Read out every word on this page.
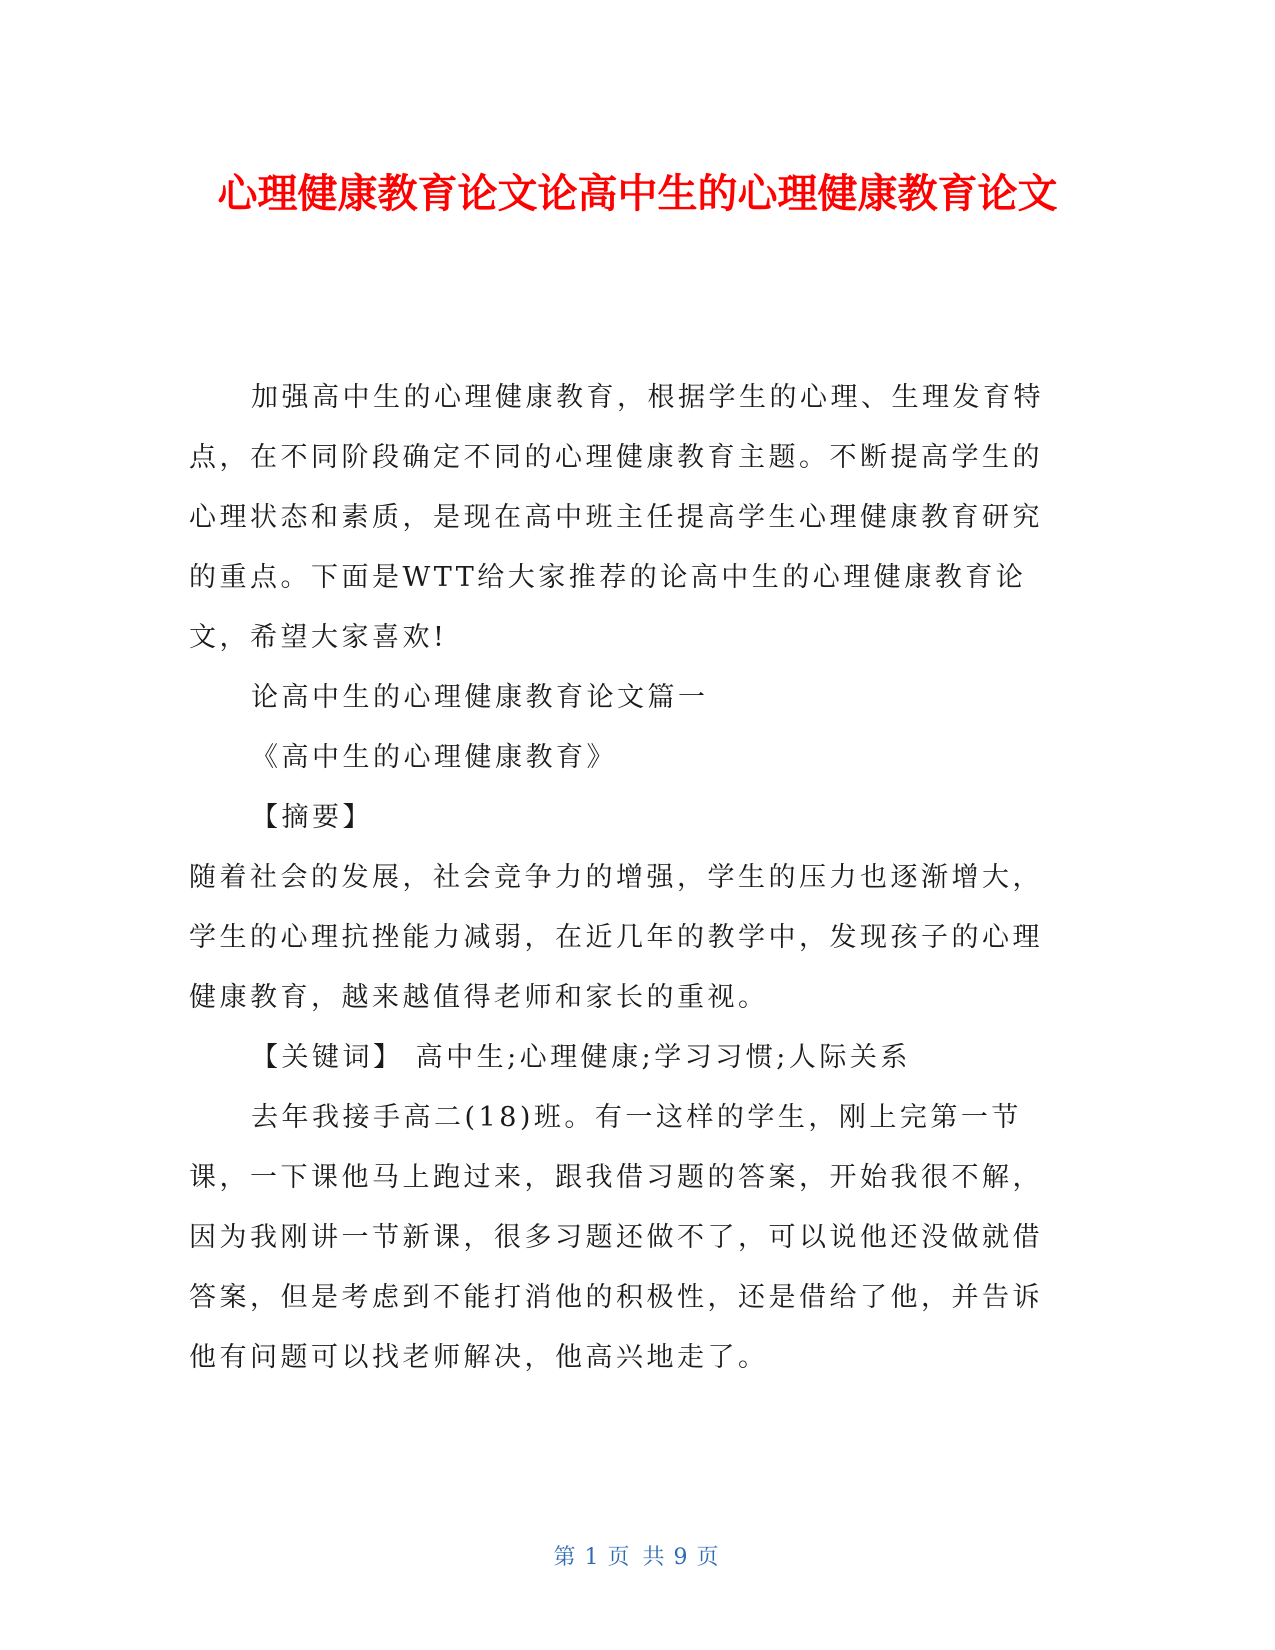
心理健康教育论文论高中生的心理健康教育论文

加强高中生的心理健康教育，根据学生的心理、生理发育特点，在不同阶段确定不同的心理健康教育主题。不断提高学生的心理状态和素质，是现在高中班主任提高学生心理健康教育研究的重点。下面是WTT给大家推荐的论高中生的心理健康教育论文，希望大家喜欢!

论高中生的心理健康教育论文篇一

《高中生的心理健康教育》

【摘要】

随着社会的发展，社会竞争力的增强，学生的压力也逐渐增大，学生的心理抗挫能力减弱，在近几年的教学中，发现孩子的心理健康教育，越来越值得老师和家长的重视。

【关键词】 高中生;心理健康;学习习惯;人际关系

去年我接手高二(18)班。有一这样的学生，刚上完第一节课，一下课他马上跑过来，跟我借习题的答案，开始我很不解，因为我刚讲一节新课，很多习题还做不了，可以说他还没做就借答案，但是考虑到不能打消他的积极性，还是借给了他，并告诉他有问题可以找老师解决，他高兴地走了。

第 1 页 共 9 页
